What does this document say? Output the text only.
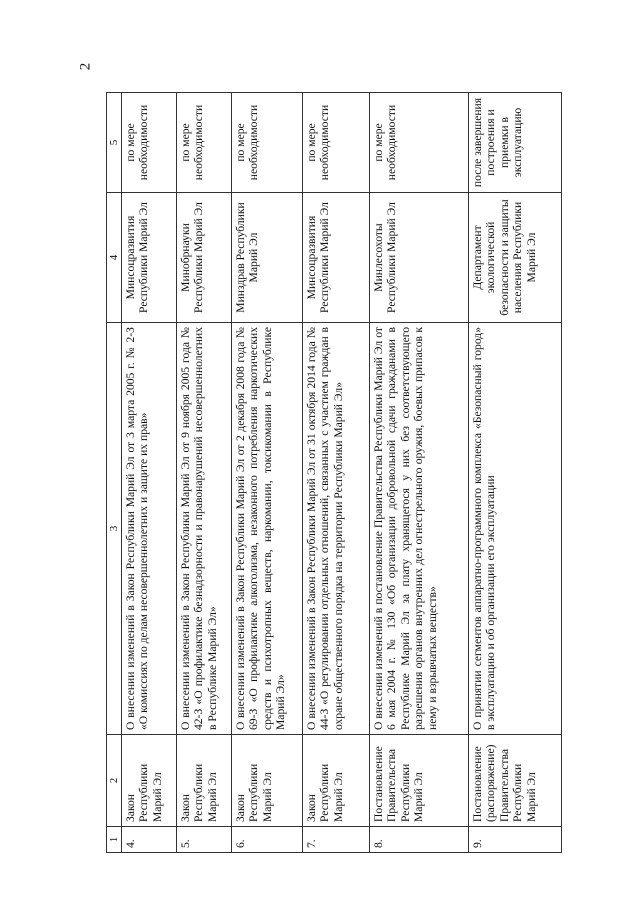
2
1	2	3	4	5
4.	Закон Республики Марий Эл	О внесении изменений в Закон Республики Марий Эл от 3 марта 2005 г. № 2-З «О комиссиях по делам несовершеннолетних и защите их прав»	Минсоцразвития Республики Марий Эл	по мере необходимости
5.	Закон Республики Марий Эл	О внесении изменений в Закон Республики Марий Эл от 9 ноября 2005 года № 42-З «О профилактике безнадзорности и правонарушений несовершеннолетних в Республике Марий Эл»	Минобрнауки Республики Марий Эл	по мере необходимости
6.	Закон Республики Марий Эл	О внесении изменений в Закон Республики Марий Эл от 2 декабря 2008 года № 69-З «О профилактике алкоголизма, незаконного потребления наркотических средств и психотропных веществ, наркомании, токсикомании в Республике Марий Эл»	Минздрав Республики Марий Эл	по мере необходимости
7.	Закон Республики Марий Эл	О внесении изменений в Закон Республики Марий Эл от 31 октября 2014 года № 44-З «О регулировании отдельных отношений, связанных с участием граждан в охране общественного порядка на территории Республики Марий Эл»	Минсоцразвития Республики Марий Эл	по мере необходимости
8.	Постановление Правительства Республики Марий Эл	О внесении изменений в постановление Правительства Республики Марий Эл от 6 мая 2004 г. № 130 «Об организации добровольной сдачи гражданами в Республике Марий Эл за плату хранящегося у них без соответствующего разрешения органов внутренних дел огнестрельного оружия, боевых припасов к нему и взрывчатых веществ»	Минлесохоты Республики Марий Эл	по мере необходимости
9.	Постановление (распоряжение) Правительства Республики Марий Эл	О принятии сегментов аппаратно-программного комплекса «Безопасный город» в эксплуатацию и об организации его эксплуатации	Департамент экологической безопасности и защиты населения Республики Марий Эл	после завершения построения и приемки в эксплуатацию
